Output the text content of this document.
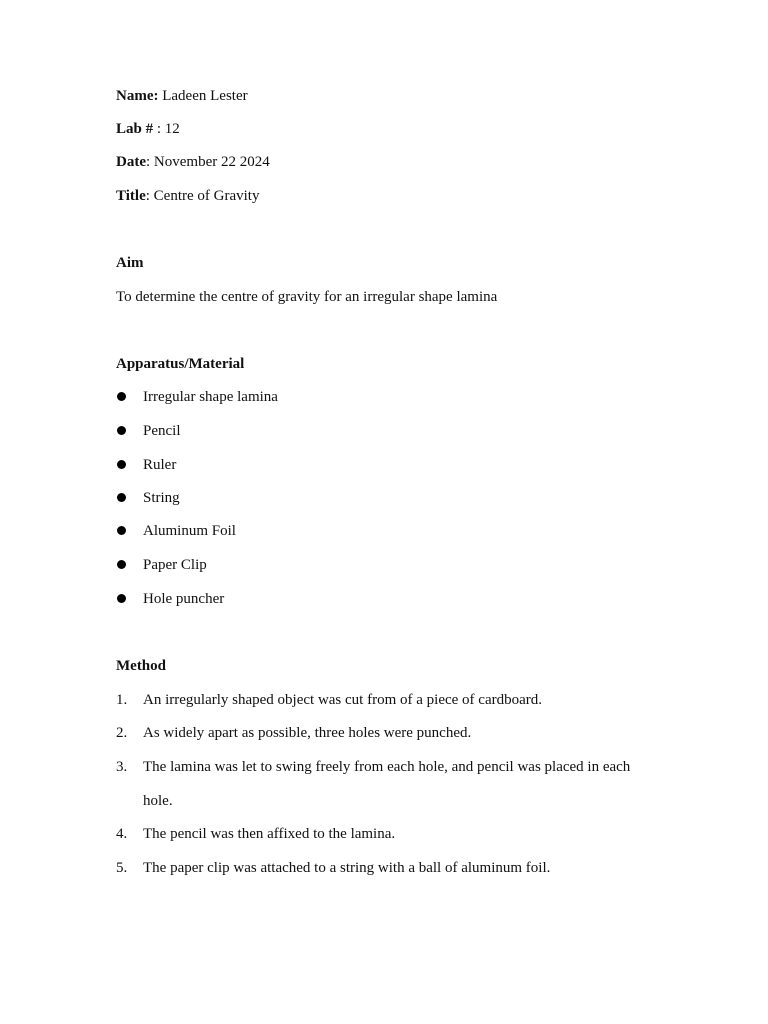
Name: Ladeen Lester
Lab # : 12
Date: November 22 2024
Title: Centre of Gravity
Aim
To determine the centre of gravity for an irregular shape lamina
Apparatus/Material
Irregular shape lamina
Pencil
Ruler
String
Aluminum Foil
Paper Clip
Hole puncher
Method
1. An irregularly shaped object was cut from of a piece of cardboard.
2. As widely apart as possible, three holes were punched.
3. The lamina was let to swing freely from each hole, and pencil was placed in each hole.
4. The pencil was then affixed to the lamina.
5. The paper clip was attached to a string with a ball of aluminum foil.
